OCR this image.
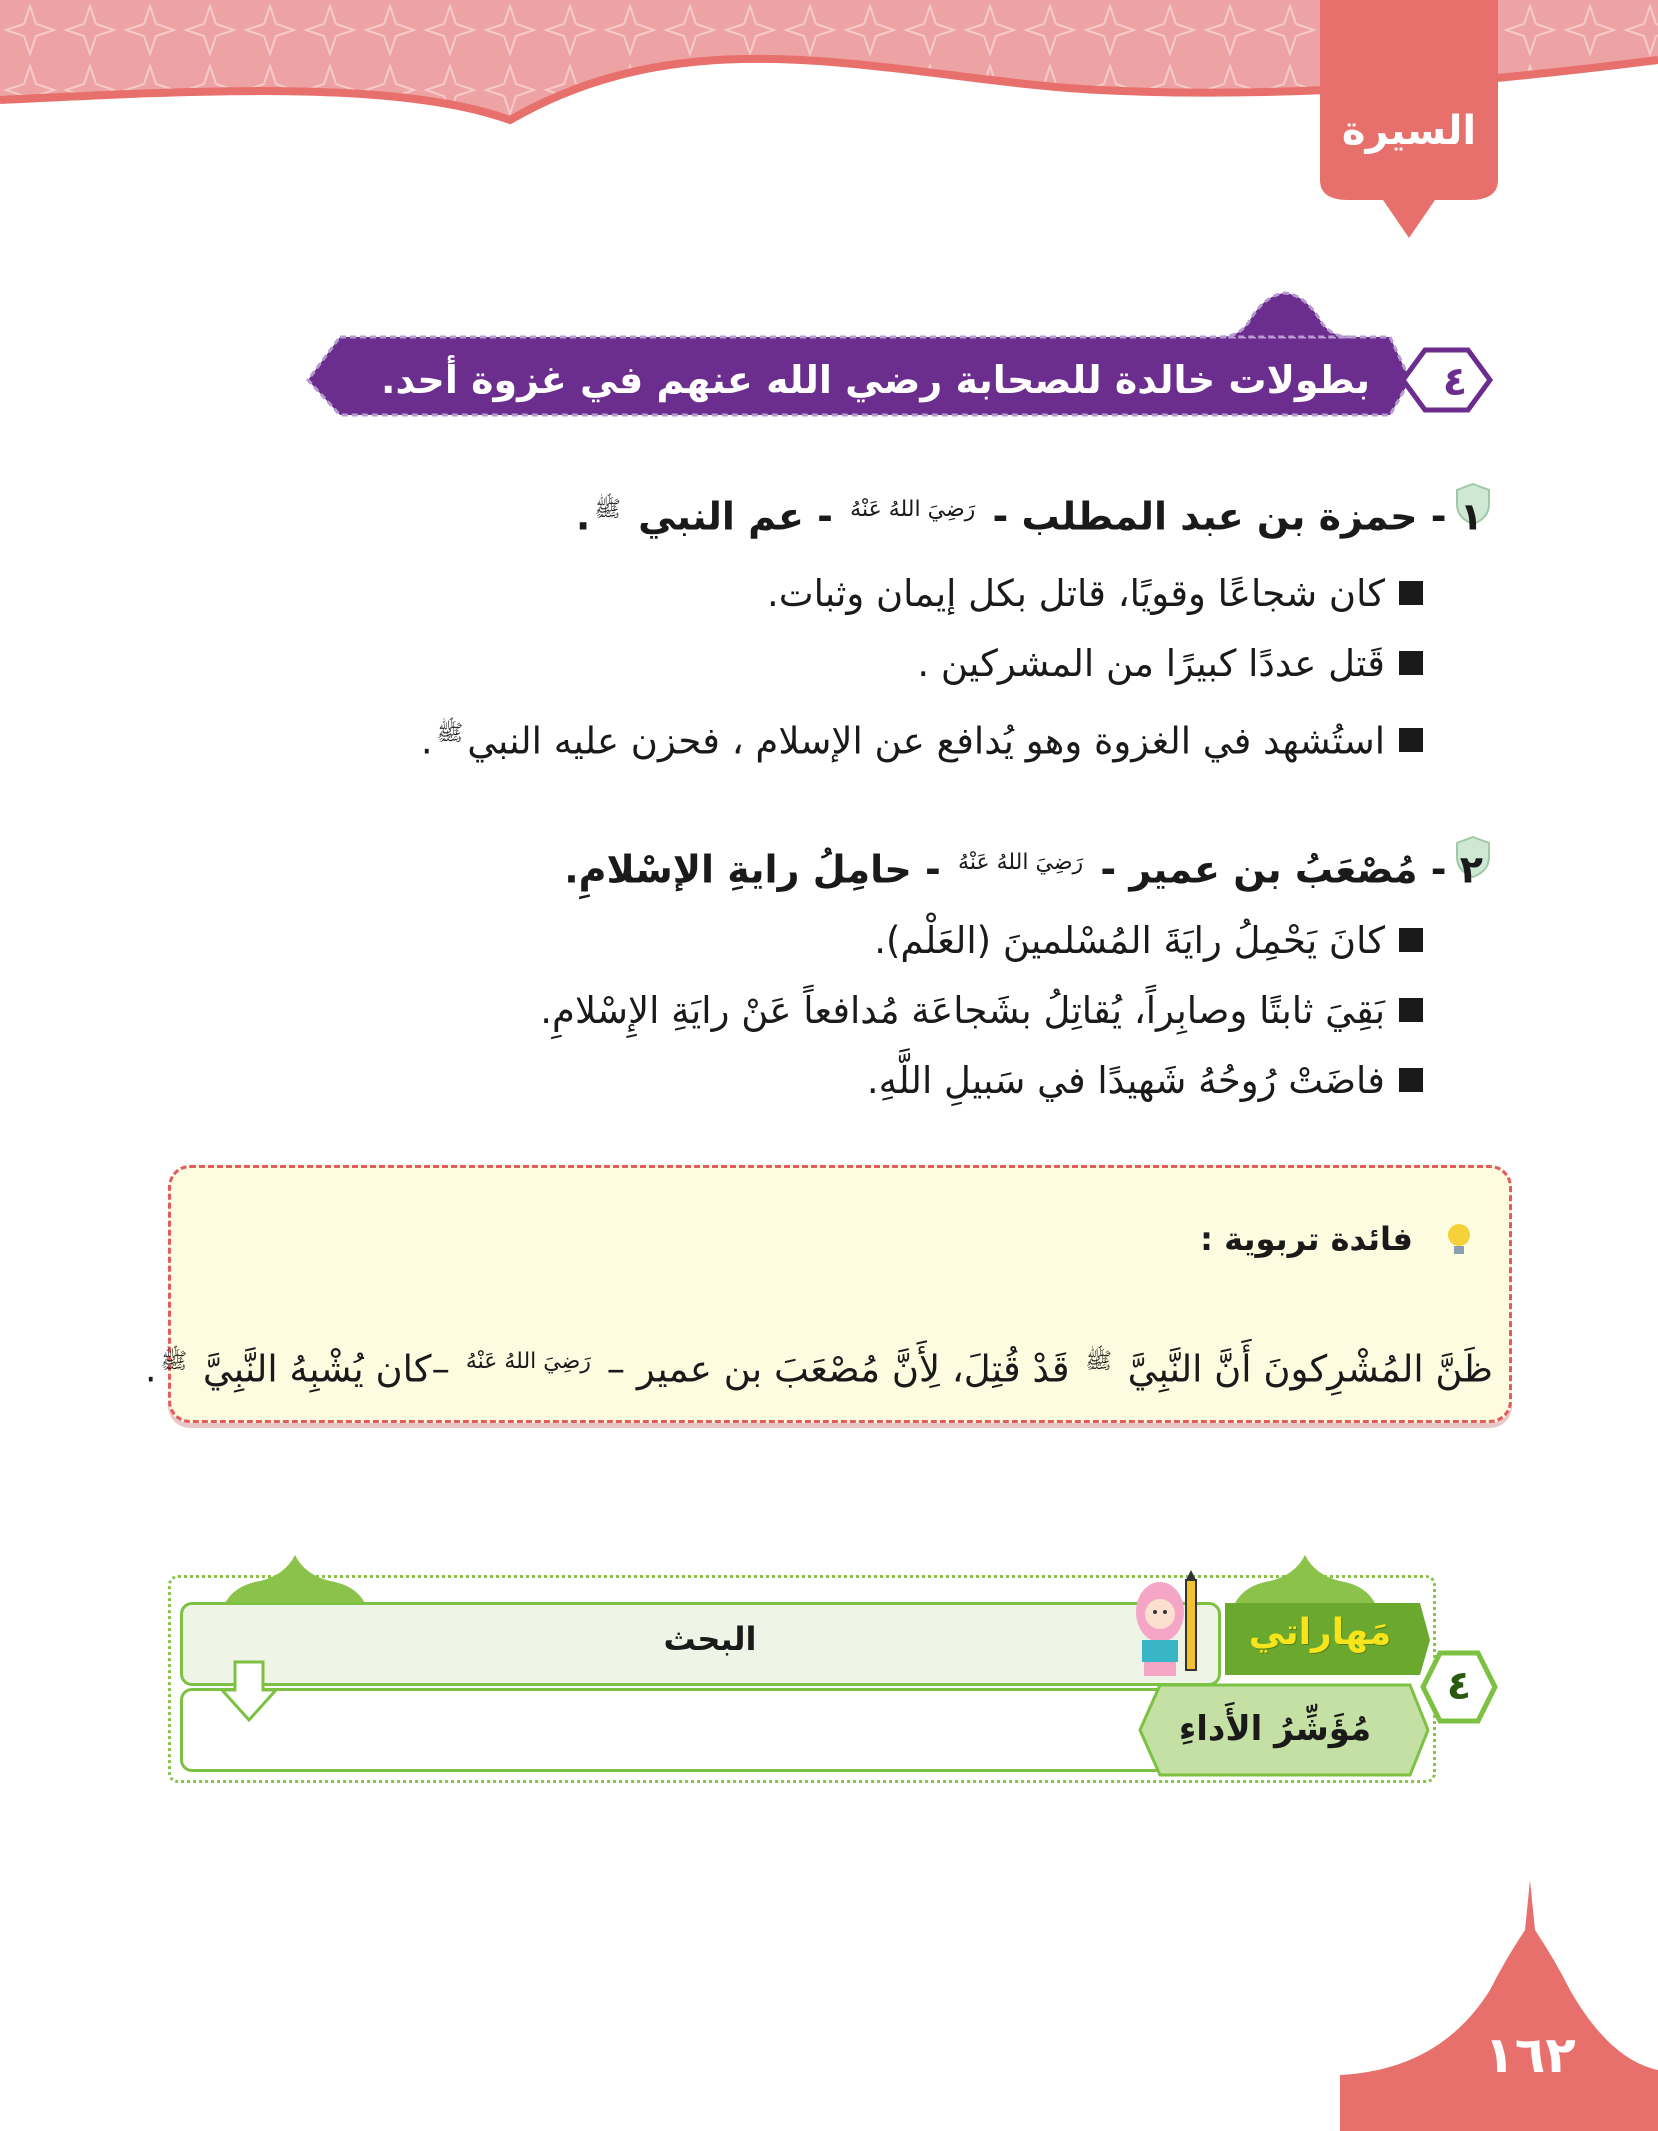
السيرة
بطولات خالدة للصحابة رضي الله عنهم في غزوة أحد.	٤
١ - حمزة بن عبد المطلب - $^{رَضِيَ اللهُ عَنْهُ}$ - عم النبي $^ﷺ$.
كان شجاعًا وقويًا، قاتل بكل إيمان وثبات.
قَتل عددًا كبيرًا من المشركين .
استُشهد في الغزوة وهو يُدافع عن الإسلام ، فحزن عليه النبي$^ﷺ$.
٢ - مُصْعَبُ بن عمير - $^{رَضِيَ اللهُ عَنْهُ}$ - حامِلُ رايةِ الإسْلامِ.
كانَ يَحْمِلُ رايَةَ المُسْلمينَ (العَلْم).
بَقِيَ ثابتًا وصابِراً، يُقاتِلُ بشَجاعَة مُدافعاً عَنْ رايَةِ الإِسْلامِ.
فاضَتْ رُوحُهُ شَهيدًا في سَبيلِ اللَّهِ.
فائدة تربوية :
ظَنَّ المُشْرِكونَ أَنَّ النَّبِيَّ $^ﷺ$ قَدْ قُتِلَ، لِأَنَّ مُصْعَبَ بن عمير – $^{رَضِيَ اللهُ عَنْهُ}$ –كان يُشْبِهُ النَّبِيَّ $^ﷺ$.
البحث	مَهاراتي
مُؤَشِّرُ الأَداءِ
٤
١٦٢
